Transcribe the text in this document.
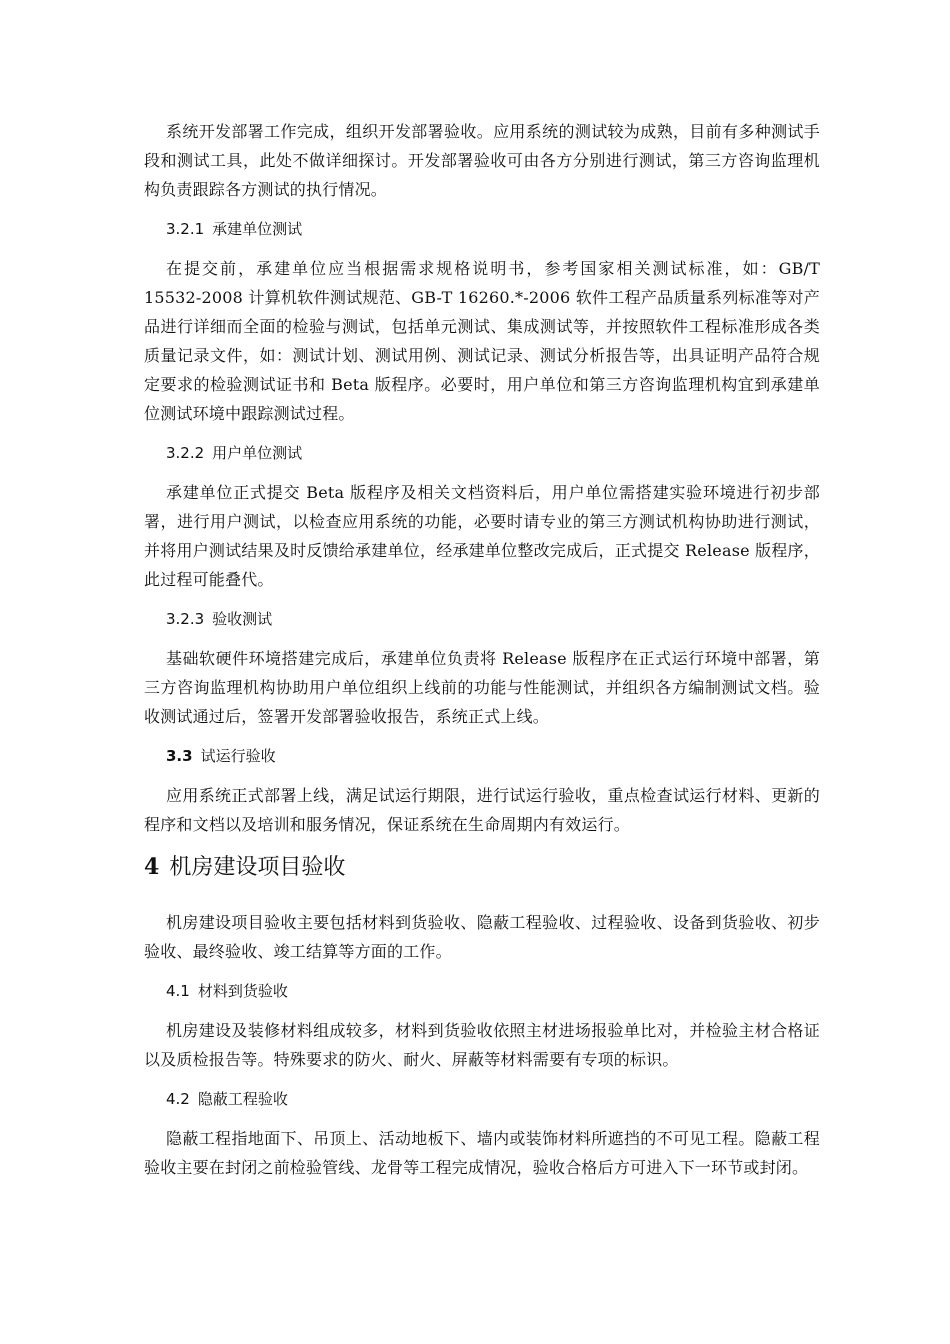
系统开发部署工作完成，组织开发部署验收。应用系统的测试较为成熟，目前有多种测试手段和测试工具，此处不做详细探讨。开发部署验收可由各方分别进行测试，第三方咨询监理机构负责跟踪各方测试的执行情况。

3.2.1 承建单位测试

在提交前，承建单位应当根据需求规格说明书，参考国家相关测试标准，如：GB/T 15532-2008 计算机软件测试规范、GB-T 16260.*-2006 软件工程产品质量系列标准等对产品进行详细而全面的检验与测试，包括单元测试、集成测试等，并按照软件工程标准形成各类质量记录文件，如：测试计划、测试用例、测试记录、测试分析报告等，出具证明产品符合规定要求的检验测试证书和 Beta 版程序。必要时，用户单位和第三方咨询监理机构宜到承建单位测试环境中跟踪测试过程。

3.2.2 用户单位测试

承建单位正式提交 Beta 版程序及相关文档资料后，用户单位需搭建实验环境进行初步部署，进行用户测试，以检查应用系统的功能，必要时请专业的第三方测试机构协助进行测试，并将用户测试结果及时反馈给承建单位，经承建单位整改完成后，正式提交 Release 版程序，此过程可能叠代。

3.2.3 验收测试

基础软硬件环境搭建完成后，承建单位负责将 Release 版程序在正式运行环境中部署，第三方咨询监理机构协助用户单位组织上线前的功能与性能测试，并组织各方编制测试文档。验收测试通过后，签署开发部署验收报告，系统正式上线。

3.3 试运行验收

应用系统正式部署上线，满足试运行期限，进行试运行验收，重点检查试运行材料、更新的程序和文档以及培训和服务情况，保证系统在生命周期内有效运行。

4 机房建设项目验收

机房建设项目验收主要包括材料到货验收、隐蔽工程验收、过程验收、设备到货验收、初步验收、最终验收、竣工结算等方面的工作。

4.1 材料到货验收

机房建设及装修材料组成较多，材料到货验收依照主材进场报验单比对，并检验主材合格证以及质检报告等。特殊要求的防火、耐火、屏蔽等材料需要有专项的标识。

4.2 隐蔽工程验收

隐蔽工程指地面下、吊顶上、活动地板下、墙内或装饰材料所遮挡的不可见工程。隐蔽工程验收主要在封闭之前检验管线、龙骨等工程完成情况，验收合格后方可进入下一环节或封闭。
